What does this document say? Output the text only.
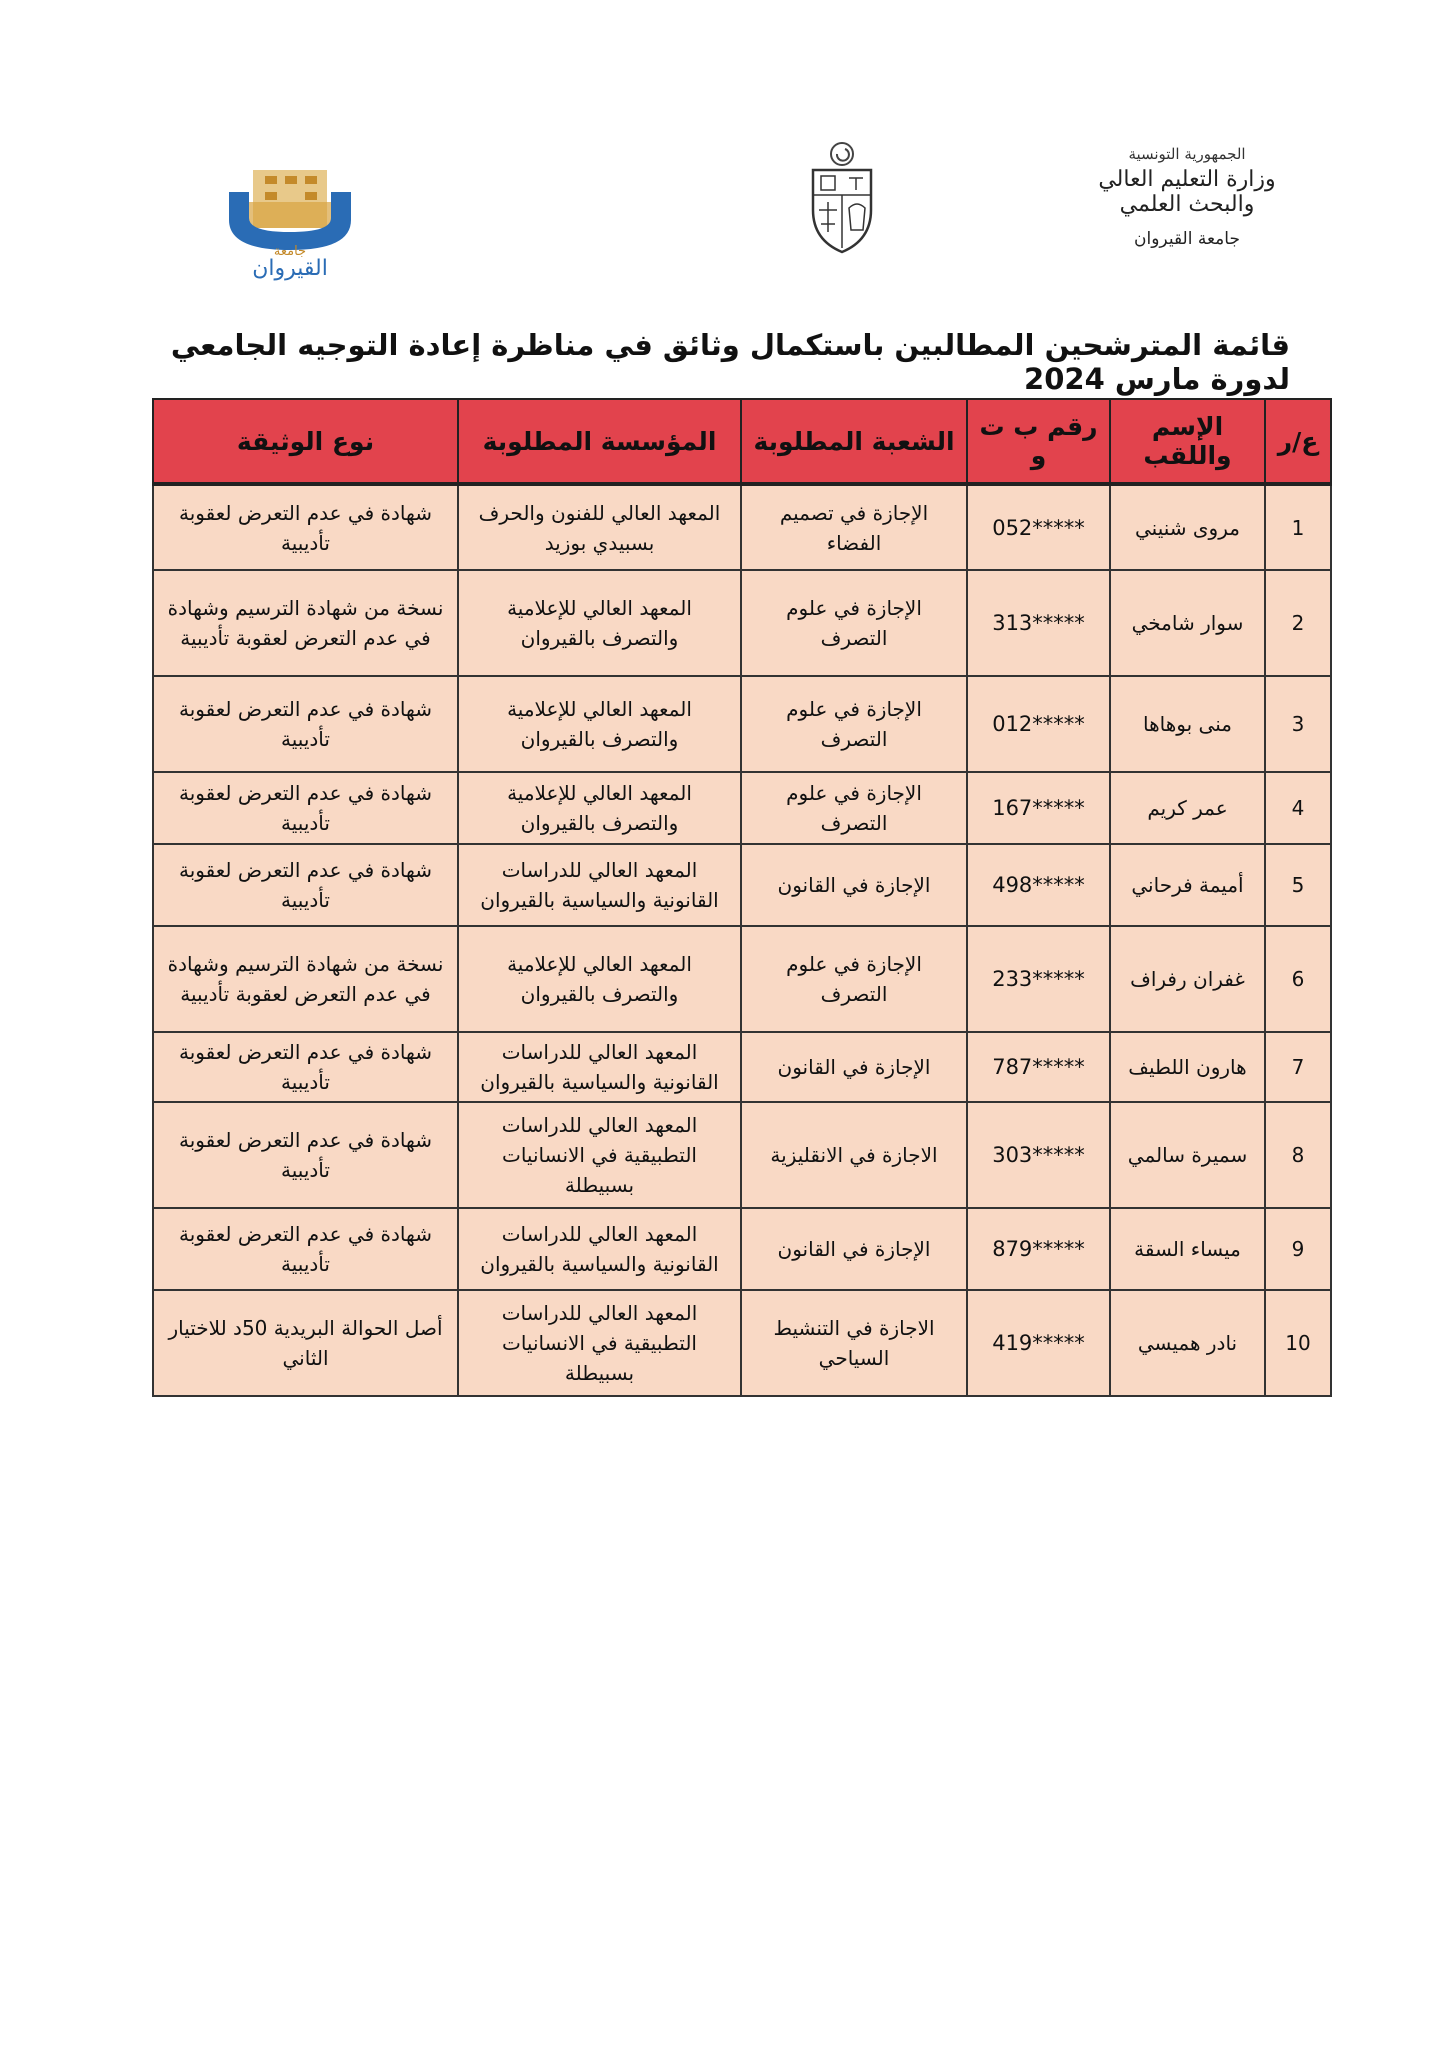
جامعة
القيروان
الجمهورية التونسية
وزارة التعليم العالي
والبحث العلمي
جامعة القيروان
قائمة المترشحين المطالبين باستكمال وثائق في مناظرة إعادة التوجيه الجامعي لدورة مارس 2024
ع/ر	الإسم واللقب	رقم ب ت و	الشعبة المطلوبة	المؤسسة المطلوبة	نوع الوثيقة
1	مروى شنيني	052*****	الإجازة في تصميم الفضاء	المعهد العالي للفنون والحرف بسبيدي بوزيد	شهادة في عدم التعرض لعقوبة تأديبية
2	سوار شامخي	313*****	الإجازة في علوم التصرف	المعهد العالي للإعلامية والتصرف بالقيروان	نسخة من شهادة الترسيم وشهادة في عدم التعرض لعقوبة تأديبية
3	منى بوهاها	012*****	الإجازة في علوم التصرف	المعهد العالي للإعلامية والتصرف بالقيروان	شهادة في عدم التعرض لعقوبة تأديبية
4	عمر كريم	167*****	الإجازة في علوم التصرف	المعهد العالي للإعلامية والتصرف بالقيروان	شهادة في عدم التعرض لعقوبة تأديبية
5	أميمة فرحاني	498*****	الإجازة في القانون	المعهد العالي للدراسات القانونية والسياسية بالقيروان	شهادة في عدم التعرض لعقوبة تأديبية
6	غفران رفراف	233*****	الإجازة في علوم التصرف	المعهد العالي للإعلامية والتصرف بالقيروان	نسخة من شهادة الترسيم وشهادة في عدم التعرض لعقوبة تأديبية
7	هارون اللطيف	787*****	الإجازة في القانون	المعهد العالي للدراسات القانونية والسياسية بالقيروان	شهادة في عدم التعرض لعقوبة تأديبية
8	سميرة سالمي	303*****	الاجازة في الانقليزية	المعهد العالي للدراسات التطبيقية في الانسانيات بسبيطلة	شهادة في عدم التعرض لعقوبة تأديبية
9	ميساء السقة	879*****	الإجازة في القانون	المعهد العالي للدراسات القانونية والسياسية بالقيروان	شهادة في عدم التعرض لعقوبة تأديبية
10	نادر هميسي	419*****	الاجازة في التنشيط السياحي	المعهد العالي للدراسات التطبيقية في الانسانيات بسبيطلة	أصل الحوالة البريدية 50د للاختيار الثاني
